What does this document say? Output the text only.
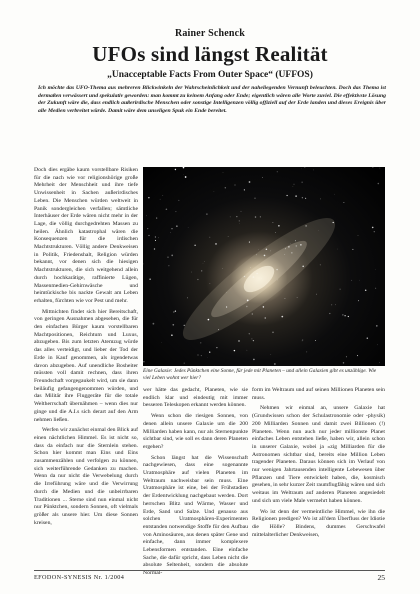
Rainer Schenck
UFOs sind längst Realität
„Unacceptable Facts From Outer Space“ (UFFOS)
Ich möchte das UFO-Thema aus mehreren Blickwinkeln der Wahrscheinlichkeit und der naheliegenden Vernunft beleuchten. Doch das Thema ist dermaßen verwässert und spekulativ geworden: man kommt zu keinem Anfang oder Ende; eigentlich wären alle Worte zuviel. Die effektivste Lösung der Zukunft wäre die, dass endlich außerirdische Menschen oder sonstige Intelligenzen völlig offiziell auf der Erde landen und dieses Ereignis über alle Medien verbreitet würde. Damit wäre dem unseligen Spuk ein Ende bereitet.

Doch dies ergäbe kaum vorstellbare Risiken für die nach wie vor religionshörige große Mehrheit der Menschheit und ihre tiefe Unwissenheit in Sachen außerirdisches Leben. Die Menschen würden weltweit in Panik sondergleichen verfallen; sämtliche Interhäuser der Erde wären nicht mehr in der Lage, die völlig durchgedrehten Massen zu heilen. Ähnlich katastrophal wären die Konsequenzen für die irdischen Machtstrukturen. Völlig andere Denkweisen in Politik, Friedenshalt, Religion würden bekannt, vor denen sich die hiesigen Machtstrukturen, die sich weitgehend allein durch hochkarätige, raffinierte Lügen, Massenmedien-Gehirnwäsche und heimtückische bis nackte Gewalt am Leben erhalten, fürchten wie vor Pest und mehr.

Mittnichten findet sich hier Bereitschaft, von geringen Ausnahmen abgesehen, die für den einfachen Bürger kaum vorstellbaren Machtpositionen, Reichtum und Luxus, abzugeben. Bis zum letzten Atemzug würde das alles verteidigt, und lieber der Tod der Erde in Kauf genommen, als irgendetwas davon abzugeben. Auf unendliche Bosheiter müssten voll damit rechnen, dass ihren Freundschaft vorgegaukelt wird, um sie dann beiläufig gefangengenommen würden, und das Militär ihre Fluggeräte für die totale Weltherrschaft übernähmen – wenn dies nur ginge und die A.I.s sich derart auf den Arm nehmen ließen.

Werfen wir zunächst einmal den Blick auf einen nächtlichen Himmel. Es ist nicht so, dass da einfach nur die Sternlein stehen. Schon hier kommt man Eins und Eins zusammenzählen und verfolgen zu können, sich weiterführende Gedanken zu machen. Wenn da nur nicht die Verwebelung durch die Irreführung wäre und die Verwirrung durch die Medien und die unbeirrbaren Traditionen ... Sterne sind nun einmal nicht nur Pünktchen, sondern Sonnen, oft vielmals größer als unsere hier. Um diese Sonnen kreisen,

Eine Galaxie: Jedes Pünktchen eine Sonne, für jede mit Planeten – und allein Galaxien gibt es unzählige. Wie viel Leben wohnt wer hier?

wer hätte das gedacht, Planeten, wie sie endlich klar und eindeutig mit immer besseren Teleskopen erkannt werden können.

Wenn schon die riesigen Sonnen, von denen allein unsere Galaxie um die 200 Milliarden haben kann, nur als Sternenpunkte sichtbar sind, wie soll es dann deren Planeten ergehen?

Schon längst hat die Wissenschaft nachgewiesen, dass eine sogenannte Uratmosphäre auf vielen Planeten im Weltraum nachweisbar sein muss. Eine Uratmosphäre ist eine, bei der Frühstadien der Erdentwicklung nachgebaut werden. Dort herrschen Blitz und Wärme, Wasser und Erde, Sand und Salze. Und genauso aus solchen Uratmosphären-Experimenten entstanden notwendige Stoffe für den Aufbau von Aminosäuren, aus denen später Gene und einfache, dann immer komplexere Lebensformen entstanden. Eine einfache Sache, die dafür spricht, dass Leben nicht die absolute Seltenheit, sondern die absolute Normal-

form im Weltraum und auf seinen Millionen Planeten sein muss.

Nehmen wir einmal an, unsere Galaxie hat (Grundwissen schon der Schulastronomie oder -physik) 200 Milliarden Sonnen und damit zwei Billionen (!) Planeten. Wenn nun auch nur jeder millionste Planet einfaches Leben entstehen ließe, haben wir, allein schon in unserer Galaxie, wobei ja »zig Milliarden für die Astronomen sichtbar sind, bereits eine Million Leben tragender Planeten. Daraus können sich im Verlauf von nur wenigen Jahrtausenden intelligente Lebewesen über Pflanzen und Tiere entwickelt haben, die, kosmisch gesehen, in sehr kurzer Zeit raumflugfähig wären und sich weitaus im Weltraum auf anderen Planeten angesiedelt und sich um viele Male vermehrt haben können.

Wo ist denn der vermeintliche Himmel, wie ihn die Religionen predigen? Wo ist all'dem Überfluss der Idiotie die Hölle? Bindens, dummes Gerschwafel mittelalterlicher Denkweisen,

EFODON-SYNESIS Nr. 1/2004	25
